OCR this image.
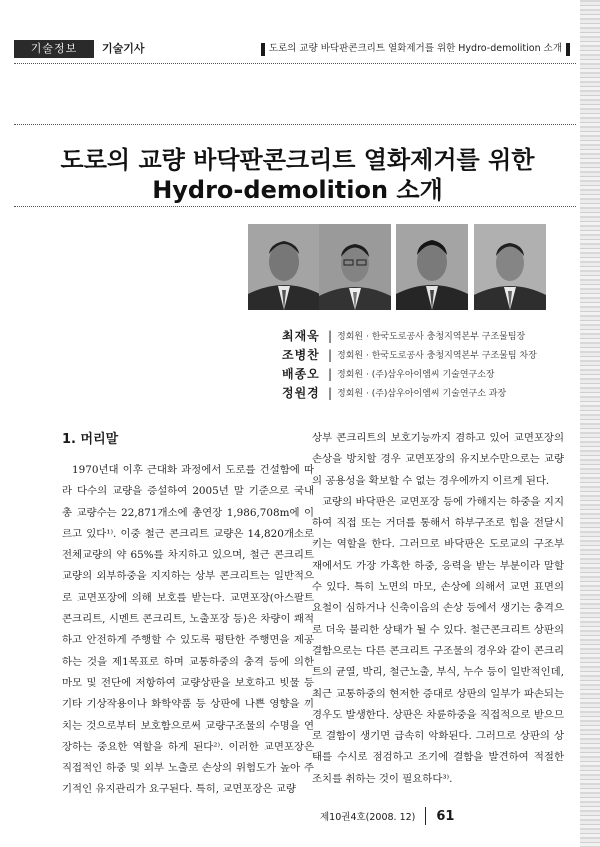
기술정보	기술기사	도로의 교량 바닥판콘크리트 열화제거를 위한 Hydro-demolition 소개
도로의 교량 바닥판콘크리트 열화제거를 위한
Hydro-demolition 소개
최재욱 | 정회원 · 한국도로공사 충청지역본부 구조물팀장
조병찬 | 정회원 · 한국도로공사 충청지역본부 구조물팀 차장
배종오 | 정회원 · (주)삼우아이엠씨 기술연구소장
정원경 | 정회원 · (주)삼우아이엠씨 기술연구소 과장
1. 머리말

1970년대 이후 근대화 과정에서 도로를 건설함에 따라 다수의 교량을 증설하여 2005년 말 기준으로 국내 총 교량수는 22,871개소에 총연장 1,986,708m에 이르고 있다¹⁾. 이중 철근 콘크리트 교량은 14,820개소로 전체교량의 약 65%를 차지하고 있으며, 철근 콘크리트 교량의 외부하중을 지지하는 상부 콘크리트는 일반적으로 교면포장에 의해 보호를 받는다. 교면포장(아스팔트 콘크리트, 시멘트 콘크리트, 노출포장 등)은 차량이 쾌적하고 안전하게 주행할 수 있도록 평탄한 주행면을 제공하는 것을 제1목표로 하며 교통하중의 충격 등에 의한 마모 및 전단에 저항하여 교량상판을 보호하고 빗물 등 기타 기상작용이나 화학약품 등 상판에 나쁜 영향을 끼치는 것으로부터 보호함으로써 교량구조물의 수명을 연장하는 중요한 역할을 하게 된다²⁾. 이러한 교면포장은 직접적인 하중 및 외부 노출로 손상의 위험도가 높아 주기적인 유지관리가 요구된다. 특히, 교면포장은 교량

상부 콘크리트의 보호기능까지 겸하고 있어 교면포장의 손상을 방치할 경우 교면포장의 유지보수만으로는 교량의 공용성을 확보할 수 없는 경우에까지 이르게 된다.

교량의 바닥판은 교면포장 등에 가해지는 하중을 지지하여 직접 또는 거더를 통해서 하부구조로 힘을 전달시키는 역할을 한다. 그러므로 바닥판은 도로교의 구조부재에서도 가장 가혹한 하중, 응력을 받는 부분이라 말할 수 있다. 특히 노면의 마모, 손상에 의해서 교면 표면의 요철이 심하거나 신축이음의 손상 등에서 생기는 충격으로 더욱 불리한 상태가 될 수 있다. 철근콘크리트 상판의 결함으로는 다른 콘크리트 구조물의 경우와 같이 콘크리트의 균열, 박리, 철근노출, 부식, 누수 등이 일반적인데, 최근 교통하중의 현저한 증대로 상판의 일부가 파손되는 경우도 발생한다. 상판은 차륜하중을 직접적으로 받으므로 결함이 생기면 급속히 악화된다. 그러므로 상판의 상태를 수시로 점검하고 조기에 결함을 발견하여 적절한 조치를 취하는 것이 필요하다³⁾.

제10권4호(2008. 12) 61
